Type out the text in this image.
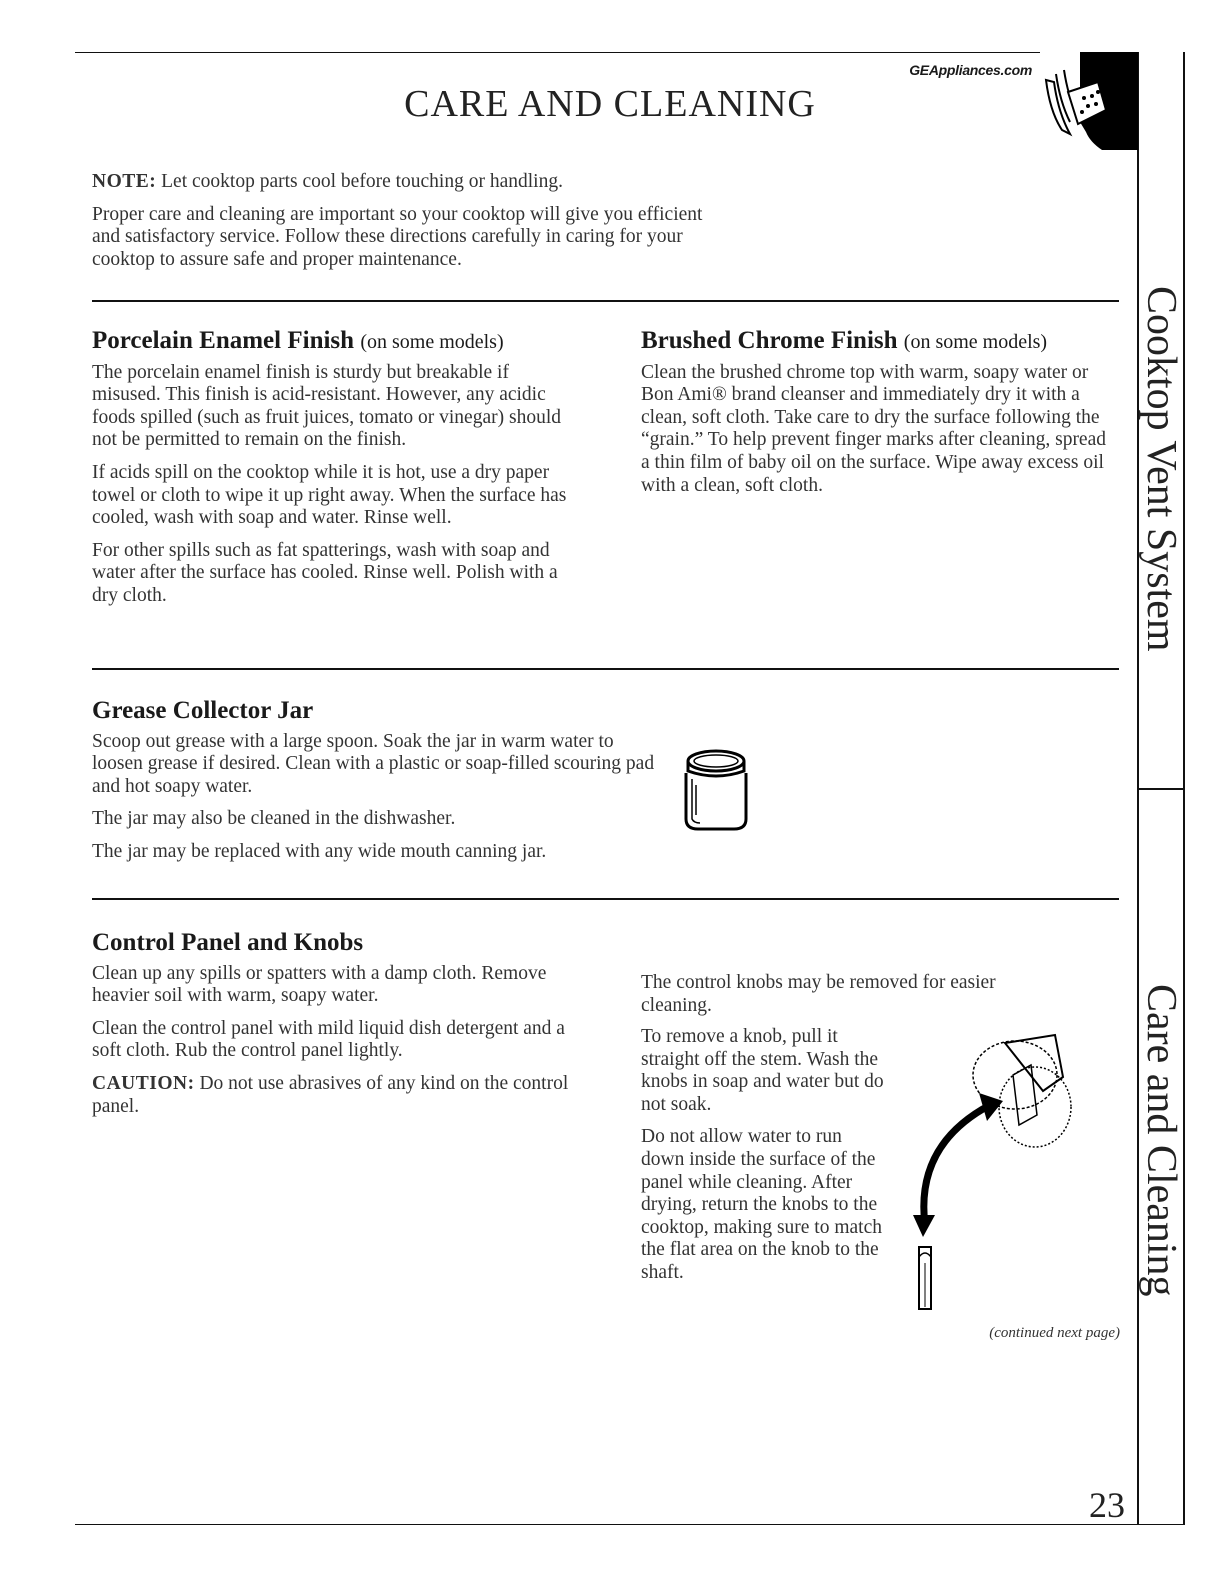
GEAppliances.com
CARE AND CLEANING

NOTE: Let cooktop parts cool before touching or handling.

Proper care and cleaning are important so your cooktop will give you efficient and satisfactory service. Follow these directions carefully in caring for your cooktop to assure safe and proper maintenance.

Porcelain Enamel Finish (on some models)

The porcelain enamel finish is sturdy but breakable if misused. This finish is acid-resistant. However, any acidic foods spilled (such as fruit juices, tomato or vinegar) should not be permitted to remain on the finish.

If acids spill on the cooktop while it is hot, use a dry paper towel or cloth to wipe it up right away. When the surface has cooled, wash with soap and water. Rinse well.

For other spills such as fat spatterings, wash with soap and water after the surface has cooled. Rinse well. Polish with a dry cloth.

Brushed Chrome Finish (on some models)

Clean the brushed chrome top with warm, soapy water or Bon Ami® brand cleanser and immediately dry it with a clean, soft cloth. Take care to dry the surface following the “grain.” To help prevent finger marks after cleaning, spread a thin film of baby oil on the surface. Wipe away excess oil with a clean, soft cloth.

Grease Collector Jar

Scoop out grease with a large spoon. Soak the jar in warm water to loosen grease if desired. Clean with a plastic or soap-filled scouring pad and hot soapy water.

The jar may also be cleaned in the dishwasher.

The jar may be replaced with any wide mouth canning jar.

Control Panel and Knobs

Clean up any spills or spatters with a damp cloth. Remove heavier soil with warm, soapy water.

Clean the control panel with mild liquid dish detergent and a soft cloth. Rub the control panel lightly.

CAUTION: Do not use abrasives of any kind on the control panel.

The control knobs may be removed for easier cleaning.

To remove a knob, pull it straight off the stem. Wash the knobs in soap and water but do not soak.

Do not allow water to run down inside the surface of the panel while cleaning. After drying, return the knobs to the cooktop, making sure to match the flat area on the knob to the shaft.

(continued next page)
Cooktop Vent System
Care and Cleaning
23
